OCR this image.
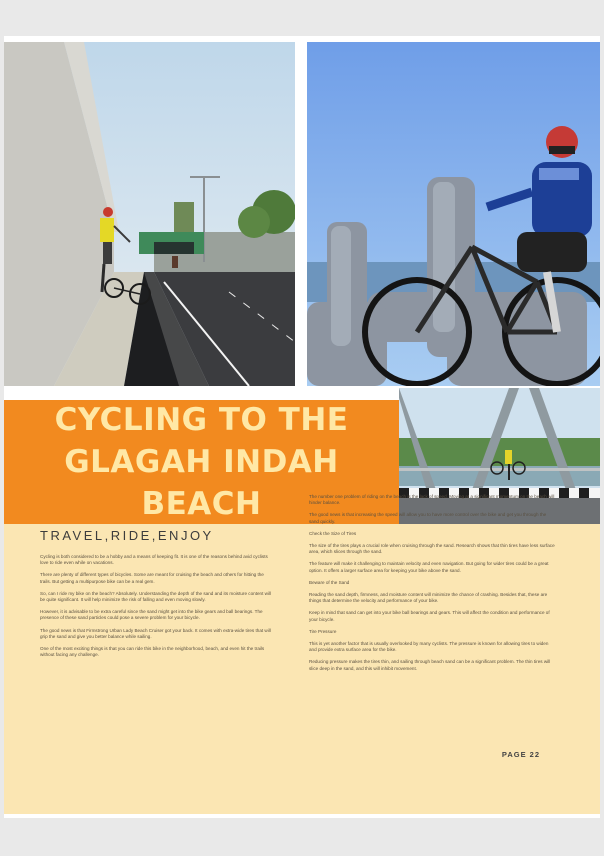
CYCLING TO THE
GLAGAH INDAH BEACH
TRAVEL,RIDE,ENJOY

Cycling is both considered to be a hobby and a means of keeping fit. It is one of the reasons behind avid cyclists love to ride even while on vacations.

There are plenty of different types of bicycles. Some are meant for cruising the beach and others for hitting the trails. But getting a multipurpose bike can be a real gem.

So, can I ride my bike on the beach? Absolutely. Understanding the depth of the sand and its moisture content will be quite significant. It will help minimize the risk of falling and even moving slowly.

However, it is advisable to be extra careful since the sand might get into the bike gears and ball bearings. The presence of these sand particles could pose a severe problem for your bicycle.

The good news is that Firmstrong Urban Lady Beach Cruiser got your back. It comes with extra-wide tires that will grip the sand and give you better balance while sailing.

One of the most exciting things is that you can ride this bike in the neighborhood, beach, and even hit the trails without facing any challenge.

The number one problem of riding on the beach is the lack of speed. Moving at a significant momentum on the beach will hinder balance.

The good news is that increasing the speed will allow you to have more control over the bike and get you through the sand quickly.

Check the Size of Tires

The size of the tires plays a crucial role when cruising through the sand. Research shows that thin tires have less surface area, which slices through the sand.

The feature will make it challenging to maintain velocity and even navigation. But going for wider tires could be a great option. It offers a larger surface area for keeping your bike above the sand.

Beware of the Sand

Reading the sand depth, firmness, and moisture content will minimize the chance of crashing. Besides that, these are things that determine the velocity and performance of your bike.

Keep in mind that sand can get into your bike ball bearings and gears. This will affect the condition and performance of your bicycle.

Tire Pressure

This is yet another factor that is usually overlooked by many cyclists. The pressure is known for allowing tires to widen and provide extra surface area for the bike.

Reducing pressure makes the tires thin, and sailing through beach sand can be a significant problem. The thin tires will slice deep in the sand, and this will inhibit movement.

PAGE 22
